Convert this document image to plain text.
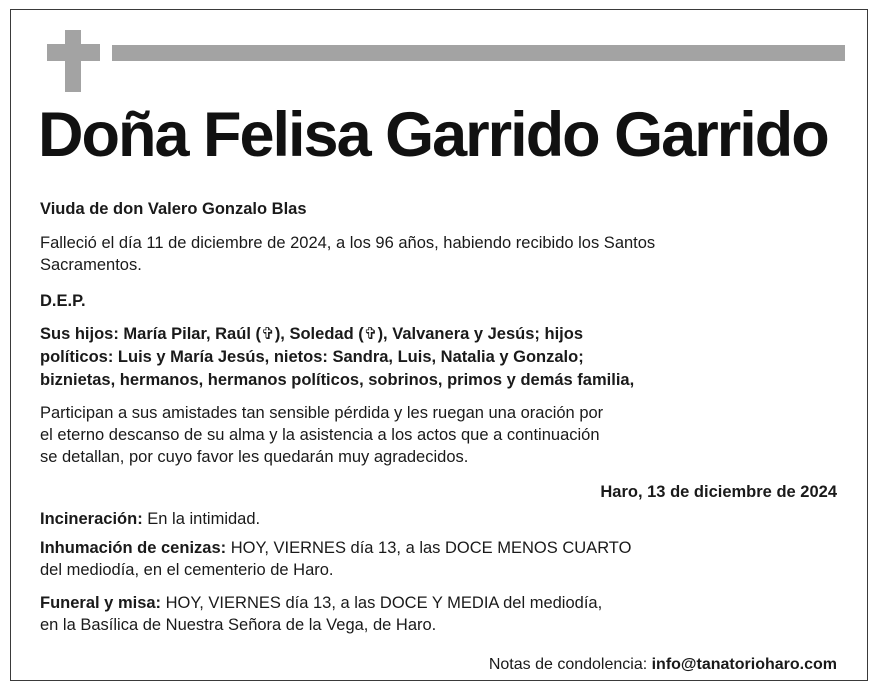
Doña Felisa Garrido Garrido

Viuda de don Valero Gonzalo Blas

Falleció el día 11 de diciembre de 2024, a los 96 años, habiendo recibido los Santos

Sacramentos.

D.E.P.

Sus hijos: María Pilar, Raúl (✞), Soledad (✞), Valvanera y Jesús; hijos

políticos: Luis y María Jesús, nietos: Sandra, Luis, Natalia y Gonzalo;

biznietas, hermanos, hermanos políticos, sobrinos, primos y demás familia,

Participan a sus amistades tan sensible pérdida y les ruegan una oración por

el eterno descanso de su alma y la asistencia a los actos que a continuación

se detallan, por cuyo favor les quedarán muy agradecidos.

Haro, 13 de diciembre de 2024

Incineración: En la intimidad.

Inhumación de cenizas: HOY, VIERNES día 13, a las DOCE MENOS CUARTO

del mediodía, en el cementerio de Haro.

Funeral y misa: HOY, VIERNES día 13, a las DOCE Y MEDIA del mediodía,

en la Basílica de Nuestra Señora de la Vega, de Haro.

Notas de condolencia: info@tanatorioharo.com
